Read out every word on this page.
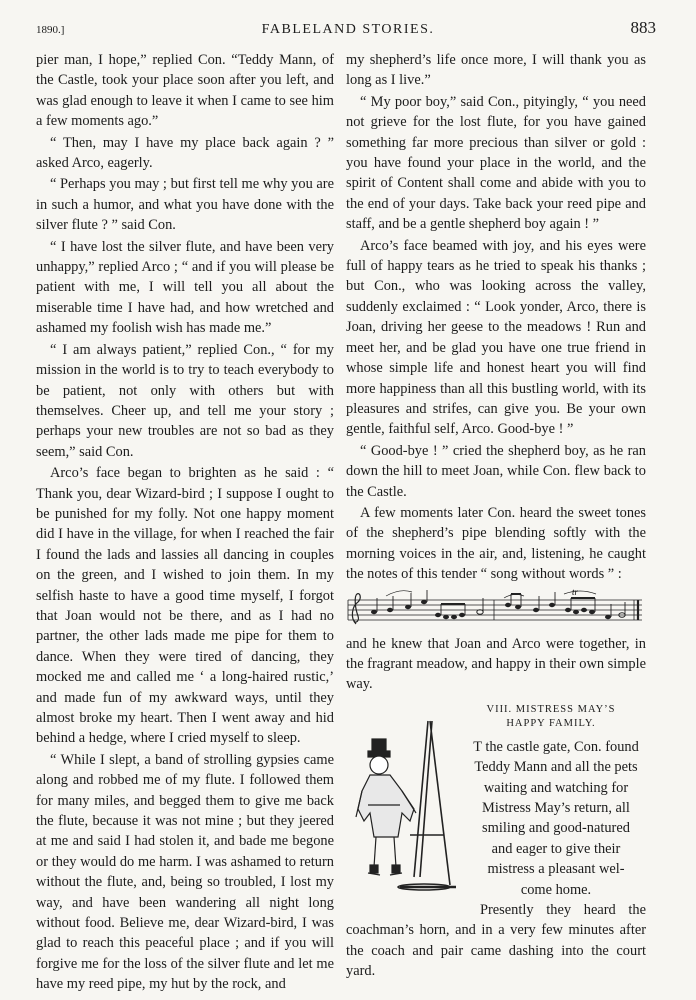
1890.]	FABLELAND STORIES.	883

pier man, I hope,” replied Con. “Teddy Mann, of the Castle, took your place soon after you left, and was glad enough to leave it when I came to see him a few moments ago.”

“ Then, may I have my place back again ? ” asked Arco, eagerly.

“ Perhaps you may ; but first tell me why you are in such a humor, and what you have done with the silver flute ? ” said Con.

“ I have lost the silver flute, and have been very unhappy,” replied Arco ; “ and if you will please be patient with me, I will tell you all about the miserable time I have had, and how wretched and ashamed my foolish wish has made me.”

“ I am always patient,” replied Con., “ for my mission in the world is to try to teach everybody to be patient, not only with others but with themselves. Cheer up, and tell me your story ; perhaps your new troubles are not so bad as they seem,” said Con.

Arco’s face began to brighten as he said : “ Thank you, dear Wizard-bird ; I suppose I ought to be punished for my folly. Not one happy moment did I have in the village, for when I reached the fair I found the lads and lassies all dancing in couples on the green, and I wished to join them. In my selfish haste to have a good time myself, I forgot that Joan would not be there, and as I had no partner, the other lads made me pipe for them to dance. When they were tired of dancing, they mocked me and called me ‘ a long-haired rustic,’ and made fun of my awkward ways, until they almost broke my heart. Then I went away and hid behind a hedge, where I cried myself to sleep.

“ While I slept, a band of strolling gypsies came along and robbed me of my flute. I followed them for many miles, and begged them to give me back the flute, because it was not mine ; but they jeered at me and said I had stolen it, and bade me begone or they would do me harm. I was ashamed to return without the flute, and, being so troubled, I lost my way, and have been wandering all night long without food. Believe me, dear Wizard-bird, I was glad to reach this peaceful place ; and if you will forgive me for the loss of the silver flute and let me have my reed pipe, my hut by the rock, and

my shepherd’s life once more, I will thank you as long as I live.”

“ My poor boy,” said Con., pityingly, “ you need not grieve for the lost flute, for you have gained something far more precious than silver or gold : you have found your place in the world, and the spirit of Content shall come and abide with you to the end of your days. Take back your reed pipe and staff, and be a gentle shepherd boy again ! ”

Arco’s face beamed with joy, and his eyes were full of happy tears as he tried to speak his thanks ; but Con., who was looking across the valley, suddenly exclaimed : “ Look yonder, Arco, there is Joan, driving her geese to the meadows ! Run and meet her, and be glad you have one true friend in whose simple life and honest heart you will find more happiness than all this bustling world, with its pleasures and strifes, can give you. Be your own gentle, faithful self, Arco. Good-bye ! ”

“ Good-bye ! ” cried the shepherd boy, as he ran down the hill to meet Joan, while Con. flew back to the Castle.

A few moments later Con. heard the sweet tones of the shepherd’s pipe blending softly with the morning voices in the air, and, listening, he caught the notes of this tender “ song without words ” :

tr

and he knew that Joan and Arco were together, in the fragrant meadow, and happy in their own simple way.

VIII. MISTRESS MAY’S
HAPPY FAMILY.

T the castle gate, Con. found

Teddy Mann and all the pets

waiting and watching for

Mistress May’s return, all

smiling and good-natured

and eager to give their

mistress a pleasant wel-

come home.

Presently they heard the coachman’s horn, and in a very few minutes after the coach and pair came dashing into the court yard.
